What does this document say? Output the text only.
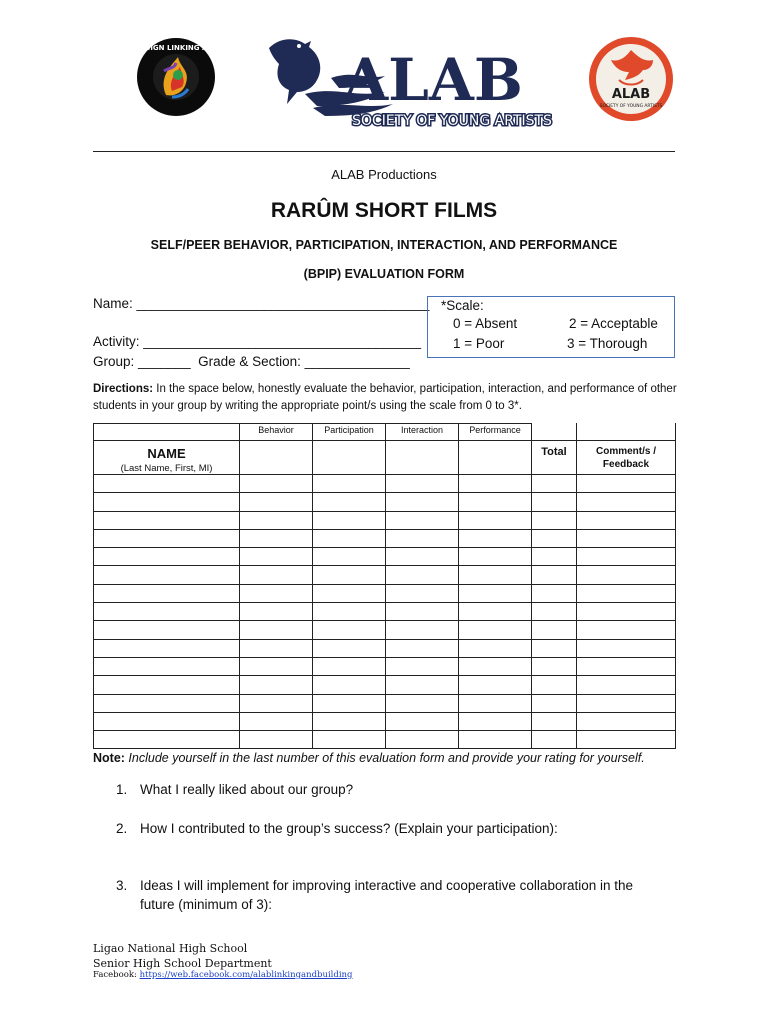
ARTS AND DESIGN LINKING AND BUILDING ALAB
SOCIETY OF YOUNG ARTISTS
ALAB
SOCIETY OF YOUNG ARTISTS
ALAB Productions
RARÛM SHORT FILMS
SELF/PEER BEHAVIOR, PARTICIPATION, INTERACTION, AND PERFORMANCE
(BPIP) EVALUATION FORM
Name: _______________________________________
Activity: _____________________________________
Group: _______  Grade & Section: ______________
*Scale:
0 = Absent	2 = Acceptable
1 = Poor	3 = Thorough
Directions: In the space below, honestly evaluate the behavior, participation, interaction, and performance of other students in your group by writing the appropriate point/s using the scale from 0 to 3*.

	Behavior	Participation	Interaction	Performance		

NAME
(Last Name, First, MI)					Total	Comment/s / Feedback

Note: Include yourself in the last number of this evaluation form and provide your rating for yourself.
1. What I really liked about our group?
2. How I contributed to the group’s success? (Explain your participation):
3. Ideas I will implement for improving interactive and cooperative collaboration in the
future (minimum of 3):
Ligao National High School
Senior High School Department
Facebook: https://web.facebook.com/alablinkingandbuilding
